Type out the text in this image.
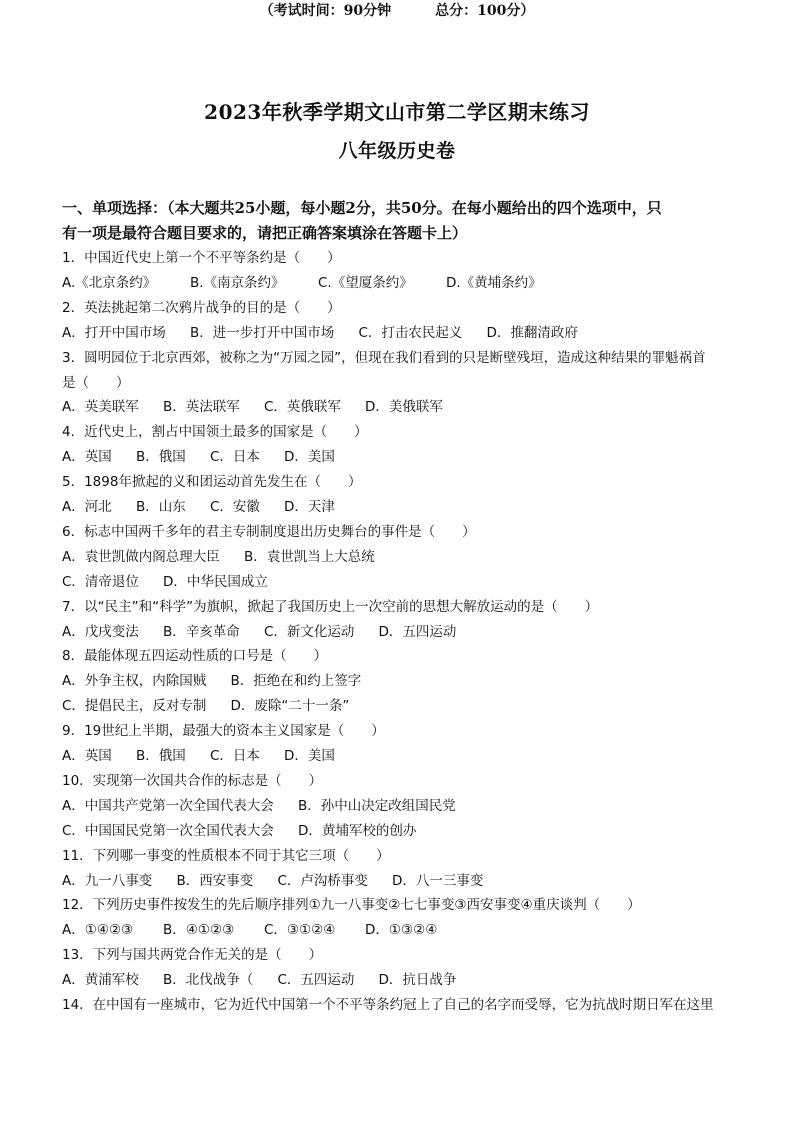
2023年秋季学期文山市第二学区期末练习
八年级历史卷
（考试时间：90分钟	总分：100分）
一、单项选择：（本大题共25小题，每小题2分，共50分。在每小题给出的四个选项中，只
有一项是最符合题目要求的，请把正确答案填涂在答题卡上）
1．中国近代史上第一个不平等条约是（　　）
A.《北京条约》 B.《南京条约》 C.《望厦条约》 D.《黄埔条约》
2．英法挑起第二次鸦片战争的目的是（　　）
A．打开中国市场 B．进一步打开中国市场 C．打击农民起义 D．推翻清政府
3．圆明园位于北京西郊，被称之为“万园之园”，但现在我们看到的只是断壁残垣，造成这种结果的罪魁祸首
是（　　）
A．英美联军 B．英法联军 C．英俄联军 D．美俄联军
4．近代史上，割占中国领土最多的国家是（　　）
A．英国 B．俄国 C．日本 D．美国
5．1898年掀起的义和团运动首先发生在（　　）
A．河北 B．山东 C．安徽 D．天津
6．标志中国两千多年的君主专制制度退出历史舞台的事件是（　　）
A．袁世凯做内阁总理大臣 B．袁世凯当上大总统
C．清帝退位 D．中华民国成立
7．以“民主”和“科学”为旗帜，掀起了我国历史上一次空前的思想大解放运动的是（　　）
A．戊戌变法 B．辛亥革命 C．新文化运动 D．五四运动
8．最能体现五四运动性质的口号是（　　）
A．外争主权，内除国贼 B．拒绝在和约上签字
C．提倡民主，反对专制 D．废除“二十一条”
9．19世纪上半期，最强大的资本主义国家是（　　）
A．英国 B．俄国 C．日本 D．美国
10．实现第一次国共合作的标志是（　　）
A．中国共产党第一次全国代表大会 B．孙中山决定改组国民党
C．中国国民党第一次全国代表大会 D．黄埔军校的创办
11．下列哪一事变的性质根本不同于其它三项（　　）
A．九一八事变 B．西安事变 C．卢沟桥事变 D．八一三事变
12．下列历史事件按发生的先后顺序排列①九一八事变②七七事变③西安事变④重庆谈判（　　）
A．①④②③ B．④①②③ C．③①②④ D．①③②④
13．下列与国共两党合作无关的是（　　）
A．黄浦军校 B．北伐战争（ C．五四运动 D．抗日战争
14．在中国有一座城市，它为近代中国第一个不平等条约冠上了自己的名字而受辱，它为抗战时期日军在这里
